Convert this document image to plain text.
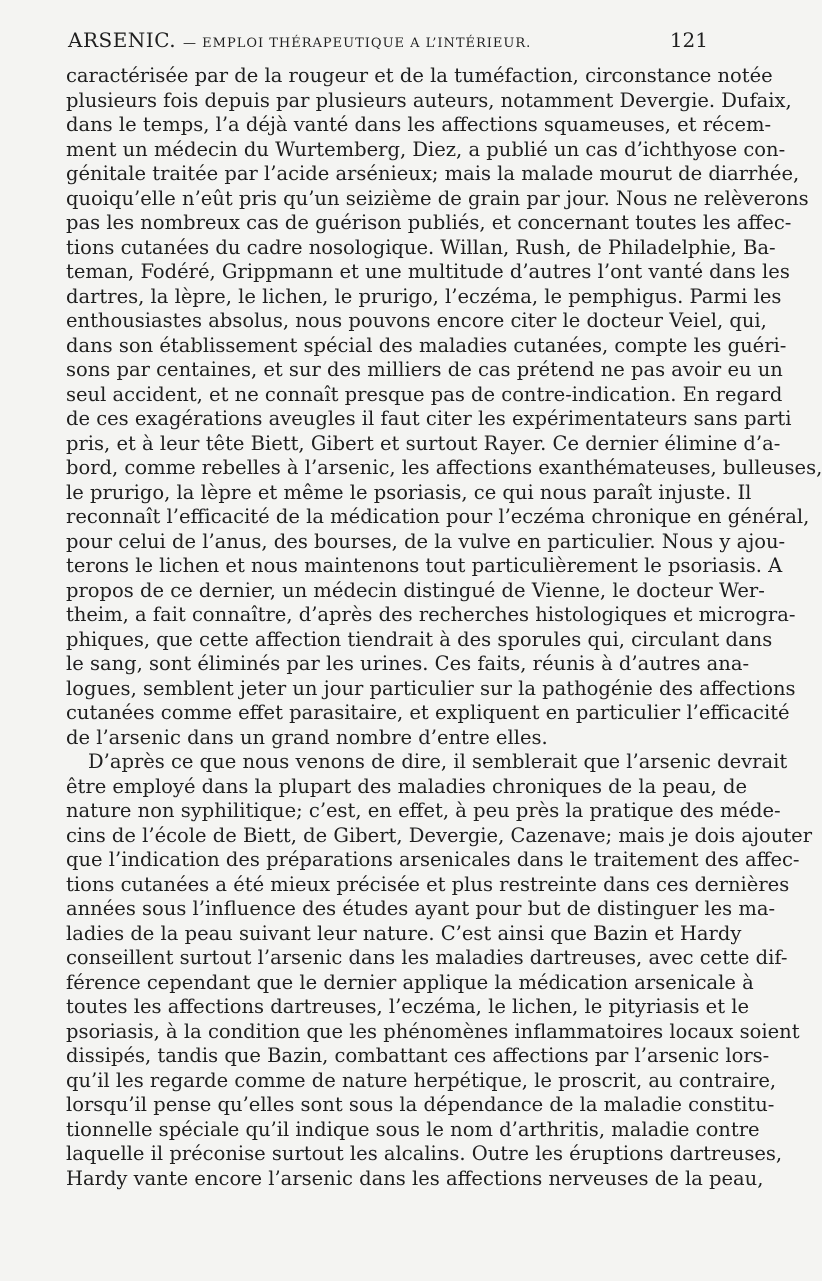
ARSENIC. — EMPLOI THÉRAPEUTIQUE A L’INTÉRIEUR.	121
caractérisée par de la rougeur et de la tuméfaction, circonstance notée
plusieurs fois depuis par plusieurs auteurs, notamment Devergie. Dufaix,
dans le temps, l’a déjà vanté dans les affections squameuses, et récem-
ment un médecin du Wurtemberg, Diez, a publié un cas d’ichthyose con-
génitale traitée par l’acide arsénieux; mais la malade mourut de diarrhée,
quoiqu’elle n’eût pris qu’un seizième de grain par jour. Nous ne relèverons
pas les nombreux cas de guérison publiés, et concernant toutes les affec-
tions cutanées du cadre nosologique. Willan, Rush, de Philadelphie, Ba-
teman, Fodéré, Grippmann et une multitude d’autres l’ont vanté dans les
dartres, la lèpre, le lichen, le prurigo, l’eczéma, le pemphigus. Parmi les
enthousiastes absolus, nous pouvons encore citer le docteur Veiel, qui,
dans son établissement spécial des maladies cutanées, compte les guéri-
sons par centaines, et sur des milliers de cas prétend ne pas avoir eu un
seul accident, et ne connaît presque pas de contre-indication. En regard
de ces exagérations aveugles il faut citer les expérimentateurs sans parti
pris, et à leur tête Biett, Gibert et surtout Rayer. Ce dernier élimine d’a-
bord, comme rebelles à l’arsenic, les affections exanthémateuses, bulleuses,
le prurigo, la lèpre et même le psoriasis, ce qui nous paraît injuste. Il
reconnaît l’efficacité de la médication pour l’eczéma chronique en général,
pour celui de l’anus, des bourses, de la vulve en particulier. Nous y ajou-
terons le lichen et nous maintenons tout particulièrement le psoriasis. A
propos de ce dernier, un médecin distingué de Vienne, le docteur Wer-
theim, a fait connaître, d’après des recherches histologiques et microgra-
phiques, que cette affection tiendrait à des sporules qui, circulant dans
le sang, sont éliminés par les urines. Ces faits, réunis à d’autres ana-
logues, semblent jeter un jour particulier sur la pathogénie des affections
cutanées comme effet parasitaire, et expliquent en particulier l’efficacité
de l’arsenic dans un grand nombre d’entre elles.
D’après ce que nous venons de dire, il semblerait que l’arsenic devrait
être employé dans la plupart des maladies chroniques de la peau, de
nature non syphilitique; c’est, en effet, à peu près la pratique des méde-
cins de l’école de Biett, de Gibert, Devergie, Cazenave; mais je dois ajouter
que l’indication des préparations arsenicales dans le traitement des affec-
tions cutanées a été mieux précisée et plus restreinte dans ces dernières
années sous l’influence des études ayant pour but de distinguer les ma-
ladies de la peau suivant leur nature. C’est ainsi que Bazin et Hardy
conseillent surtout l’arsenic dans les maladies dartreuses, avec cette dif-
férence cependant que le dernier applique la médication arsenicale à
toutes les affections dartreuses, l’eczéma, le lichen, le pityriasis et le
psoriasis, à la condition que les phénomènes inflammatoires locaux soient
dissipés, tandis que Bazin, combattant ces affections par l’arsenic lors-
qu’il les regarde comme de nature herpétique, le proscrit, au contraire,
lorsqu’il pense qu’elles sont sous la dépendance de la maladie constitu-
tionnelle spéciale qu’il indique sous le nom d’arthritis, maladie contre
laquelle il préconise surtout les alcalins. Outre les éruptions dartreuses,
Hardy vante encore l’arsenic dans les affections nerveuses de la peau,
